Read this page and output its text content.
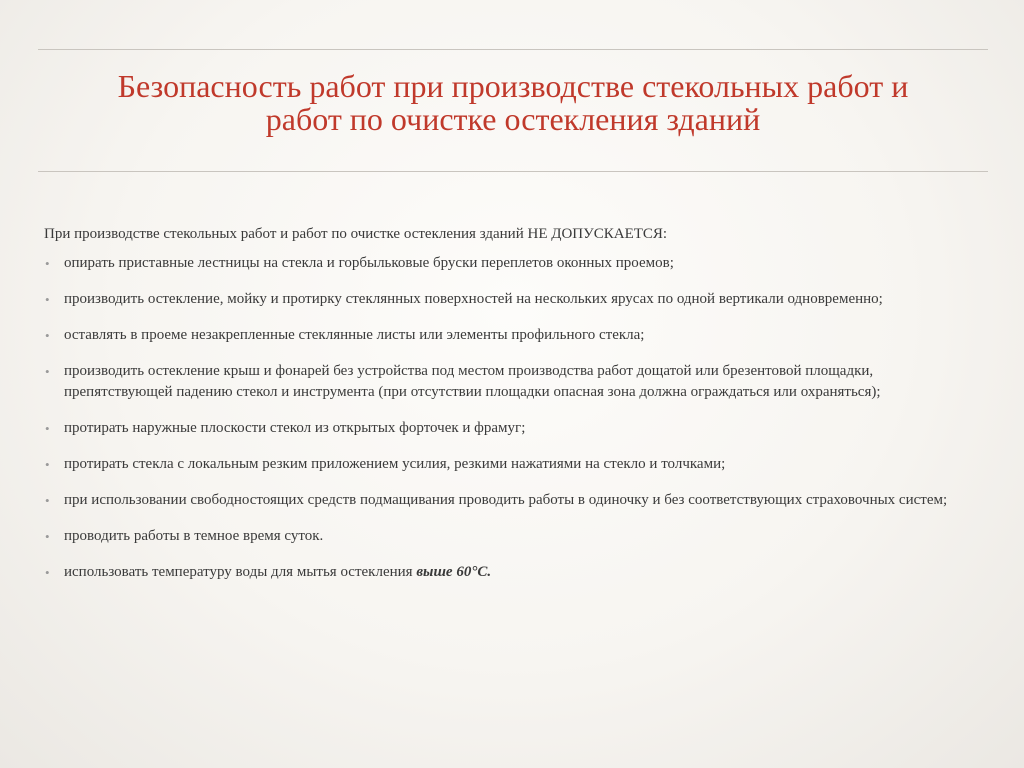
Безопасность работ при производстве стекольных работ и
работ по очистке остекления зданий

При производстве стекольных работ и работ по очистке остекления зданий НЕ ДОПУСКАЕТСЯ:

• опирать приставные лестницы на стекла и горбыльковые бруски переплетов оконных проемов;
• производить остекление, мойку и протирку стеклянных поверхностей на нескольких ярусах по одной вертикали одновременно;
• оставлять в проеме незакрепленные стеклянные листы или элементы профильного стекла;
• производить остекление крыш и фонарей без устройства под местом производства работ дощатой или брезентовой площадки, препятствующей падению стекол и инструмента (при отсутствии площадки опасная зона должна ограждаться или охраняться);
• протирать наружные плоскости стекол из открытых форточек и фрамуг;
• протирать стекла с локальным резким приложением усилия, резкими нажатиями на стекло и толчками;
• при использовании свободностоящих средств подмащивания проводить работы в одиночку и без соответствующих страховочных систем;
• проводить работы в темное время суток.
• использовать температуру воды для мытья остекления выше 60°С.
